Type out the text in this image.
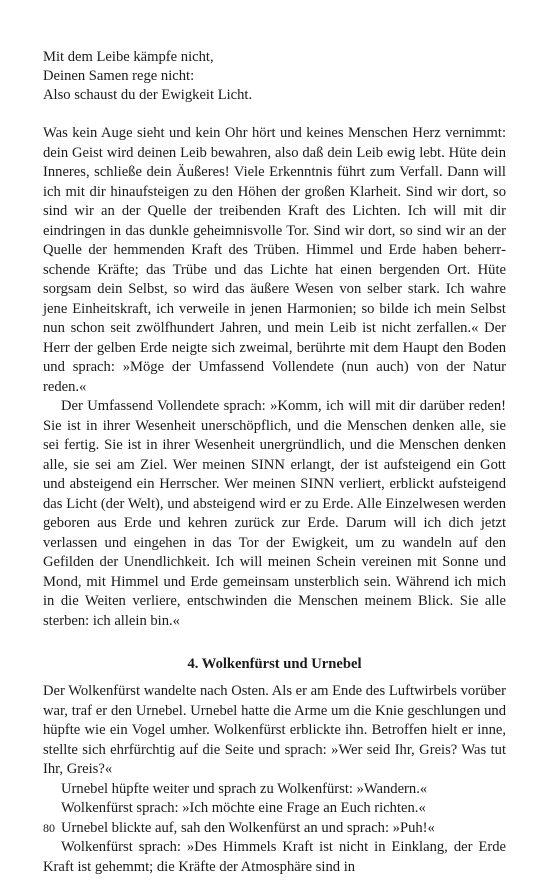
Mit dem Leibe kämpfe nicht,
Deinen Samen rege nicht:
Also schaust du der Ewigkeit Licht.

Was kein Auge sieht und kein Ohr hört und keines Menschen Herz vernimmt: dein Geist wird deinen Leib bewahren, also daß dein Leib ewig lebt. Hüte dein Inneres, schließe dein Äußeres! Viele Erkenntnis führt zum Verfall. Dann will ich mit dir hinaufsteigen zu den Höhen der großen Klarheit. Sind wir dort, so sind wir an der Quelle der treibenden Kraft des Lichten. Ich will mit dir eindringen in das dunkle geheimnisvolle Tor. Sind wir dort, so sind wir an der Quelle der hemmenden Kraft des Trüben. Himmel und Erde haben beherrschende Kräfte; das Trübe und das Lichte hat einen bergenden Ort. Hüte sorgsam dein Selbst, so wird das äußere Wesen von selber stark. Ich wahre jene Einheitskraft, ich verweile in jenen Harmonien; so bilde ich mein Selbst nun schon seit zwölfhundert Jahren, und mein Leib ist nicht zerfallen.« Der Herr der gelben Erde neigte sich zweimal, berührte mit dem Haupt den Boden und sprach: »Möge der Umfassend Vollendete (nun auch) von der Natur reden.«

Der Umfassend Vollendete sprach: »Komm, ich will mit dir darüber reden! Sie ist in ihrer Wesenheit unerschöpflich, und die Menschen denken alle, sie sei fertig. Sie ist in ihrer Wesenheit unergründlich, und die Menschen denken alle, sie sei am Ziel. Wer meinen SINN erlangt, der ist aufsteigend ein Gott und absteigend ein Herrscher. Wer meinen SINN verliert, erblickt aufsteigend das Licht (der Welt), und absteigend wird er zu Erde. Alle Einzelwesen werden geboren aus Erde und kehren zurück zur Erde. Darum will ich dich jetzt verlassen und eingehen in das Tor der Ewigkeit, um zu wandeln auf den Gefilden der Unendlichkeit. Ich will meinen Schein vereinen mit Sonne und Mond, mit Himmel und Erde gemeinsam unsterblich sein. Während ich mich in die Weiten verliere, entschwinden die Menschen meinem Blick. Sie alle sterben: ich allein bin.«

4. Wolkenfürst und Urnebel

Der Wolkenfürst wandelte nach Osten. Als er am Ende des Luftwirbels vorüber war, traf er den Urnebel. Urnebel hatte die Arme um die Knie geschlungen und hüpfte wie ein Vogel umher. Wolkenfürst erblickte ihn. Betroffen hielt er inne, stellte sich ehrfürchtig auf die Seite und sprach: »Wer seid Ihr, Greis? Was tut Ihr, Greis?«

Urnebel hüpfte weiter und sprach zu Wolkenfürst: »Wandern.«

Wolkenfürst sprach: »Ich möchte eine Frage an Euch richten.«

Urnebel blickte auf, sah den Wolkenfürst an und sprach: »Puh!«

Wolkenfürst sprach: »Des Himmels Kraft ist nicht in Einklang, der Erde Kraft ist gehemmt; die Kräfte der Atmosphäre sind in

80
